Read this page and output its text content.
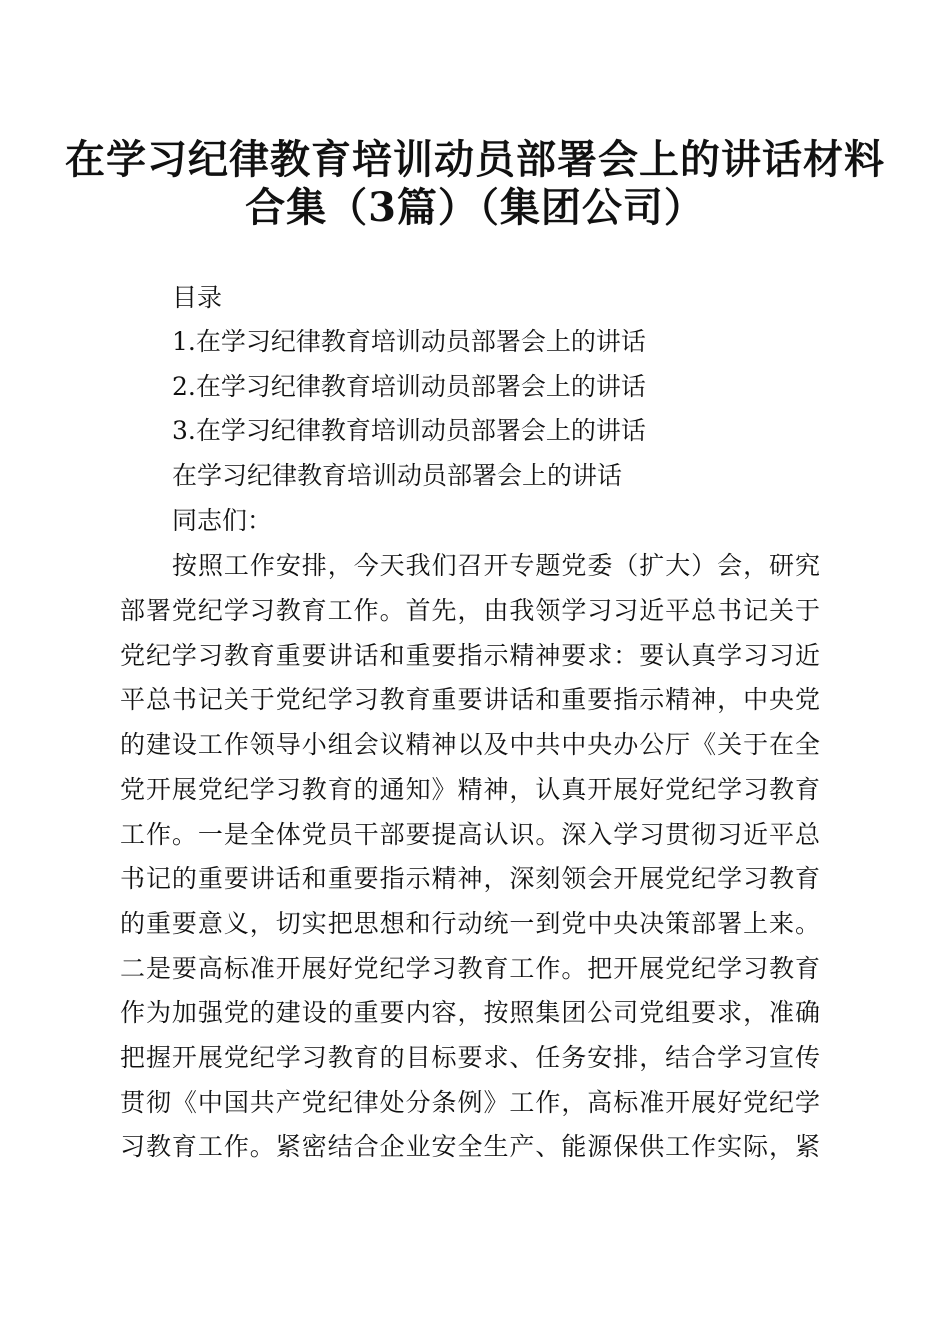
在学习纪律教育培训动员部署会上的讲话材料
合集（3篇）（集团公司）
目录
1.在学习纪律教育培训动员部署会上的讲话
2.在学习纪律教育培训动员部署会上的讲话
3.在学习纪律教育培训动员部署会上的讲话
在学习纪律教育培训动员部署会上的讲话
同志们：
按照工作安排，今天我们召开专题党委（扩大）会，研究
部署党纪学习教育工作。首先，由我领学习习近平总书记关于
党纪学习教育重要讲话和重要指示精神要求：要认真学习习近
平总书记关于党纪学习教育重要讲话和重要指示精神，中央党
的建设工作领导小组会议精神以及中共中央办公厅《关于在全
党开展党纪学习教育的通知》精神，认真开展好党纪学习教育
工作。一是全体党员干部要提高认识。深入学习贯彻习近平总
书记的重要讲话和重要指示精神，深刻领会开展党纪学习教育
的重要意义，切实把思想和行动统一到党中央决策部署上来。
二是要高标准开展好党纪学习教育工作。把开展党纪学习教育
作为加强党的建设的重要内容，按照集团公司党组要求，准确
把握开展党纪学习教育的目标要求、任务安排，结合学习宣传
贯彻《中国共产党纪律处分条例》工作，高标准开展好党纪学
习教育工作。紧密结合企业安全生产、能源保供工作实际，紧
